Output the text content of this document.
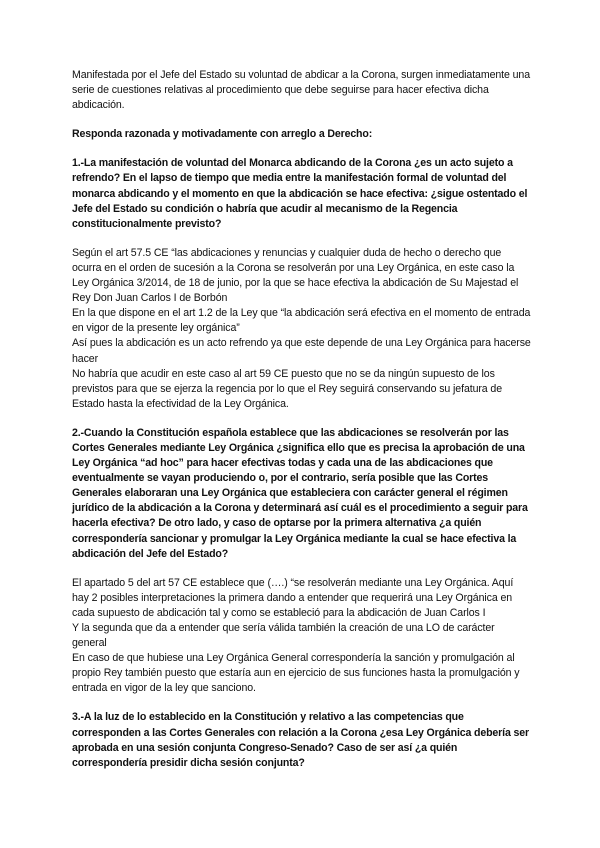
Manifestada por el Jefe del Estado su voluntad de abdicar a la Corona, surgen inmediatamente una serie de cuestiones relativas al procedimiento que debe seguirse para hacer efectiva dicha abdicación.

Responda razonada y motivadamente con arreglo a Derecho:

1.-La manifestación de voluntad del Monarca abdicando de la Corona ¿es un acto sujeto a refrendo? En el lapso de tiempo que media entre la manifestación formal de voluntad del monarca abdicando y el momento en que la abdicación se hace efectiva: ¿sigue ostentado el Jefe del Estado su condición o habría que acudir al mecanismo de la Regencia constitucionalmente previsto?

Según el art 57.5 CE “las abdicaciones y renuncias y cualquier duda de hecho o derecho que ocurra en el orden de sucesión a la Corona se resolverán por una Ley Orgánica, en este caso la Ley Orgánica 3/2014, de 18 de junio, por la que se hace efectiva la abdicación de Su Majestad el Rey Don Juan Carlos I de Borbón

En la que dispone en el art 1.2 de la Ley que “la abdicación será efectiva en el momento de entrada en vigor de la presente ley orgánica”

Así pues la abdicación es un acto refrendo ya que este depende de una Ley Orgánica para hacerse hacer

No habría que acudir en este caso al art 59 CE puesto que no se da ningún supuesto de los previstos para que se ejerza la regencia por lo que el Rey seguirá conservando su jefatura de Estado hasta la efectividad de la Ley Orgánica.

2.-Cuando la Constitución española establece que las abdicaciones se resolverán por las Cortes Generales mediante Ley Orgánica ¿significa ello que es precisa la aprobación de una Ley Orgánica “ad hoc” para hacer efectivas todas y cada una de las abdicaciones que eventualmente se vayan produciendo o, por el contrario, sería posible que las Cortes Generales elaboraran una Ley Orgánica que estableciera con carácter general el régimen jurídico de la abdicación a la Corona y determinará así cuál es el procedimiento a seguir para hacerla efectiva? De otro lado, y caso de optarse por la primera alternativa ¿a quién correspondería sancionar y promulgar la Ley Orgánica mediante la cual se hace efectiva la abdicación del Jefe del Estado?

El apartado 5 del art 57 CE establece que (….) “se resolverán mediante una Ley Orgánica. Aquí hay 2 posibles interpretaciones la primera dando a entender que requerirá una Ley Orgánica en cada supuesto de abdicación tal y como se estableció para la abdicación de Juan Carlos I

Y la segunda que da a entender que sería válida también la creación de una LO de carácter general

En caso de que hubiese una Ley Orgánica General correspondería la sanción y promulgación al propio Rey también puesto que estaría aun en ejercicio de sus funciones hasta la promulgación y entrada en vigor de la ley que sanciono.

3.-A la luz de lo establecido en la Constitución y relativo a las competencias que corresponden a las Cortes Generales con relación a la Corona ¿esa Ley Orgánica debería ser aprobada en una sesión conjunta Congreso-Senado? Caso de ser así ¿a quién correspondería presidir dicha sesión conjunta?
